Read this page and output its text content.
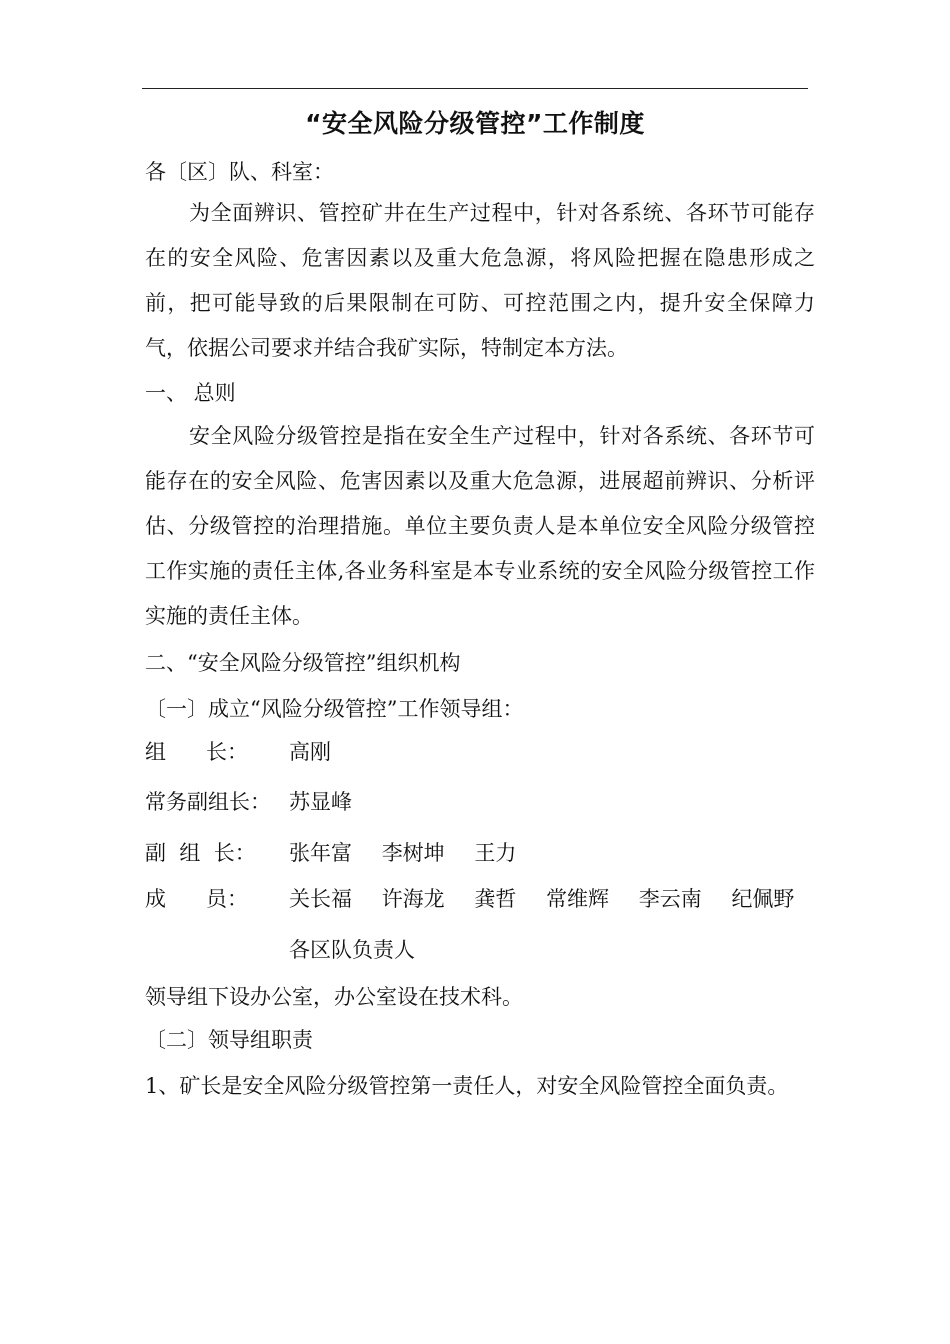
“安全风险分级管控”工作制度
各〔区〕队、科室：
为全面辨识、管控矿井在生产过程中，针对各系统、各环节可能存在的安全风险、危害因素以及重大危急源，将风险把握在隐患形成之前，把可能导致的后果限制在可防、可控范围之内，提升安全保障力气，依据公司要求并结合我矿实际，特制定本方法。
一、 总则
安全风险分级管控是指在安全生产过程中，针对各系统、各环节可能存在的安全风险、危害因素以及重大危急源，进展超前辨识、分析评估、分级管控的治理措施。单位主要负责人是本单位安全风险分级管控工作实施的责任主体,各业务科室是本专业系统的安全风险分级管控工作实施的责任主体。
二、“安全风险分级管控”组织机构
〔一〕成立“风险分级管控”工作领导组：
组      长： 高刚
常务副组长： 苏显峰
副  组  长： 张年富 李树坤 王力
成      员： 关长福 许海龙 龚哲 常维辉 李云南 纪佩野
各区队负责人
领导组下设办公室，办公室设在技术科。
〔二〕领导组职责
1、矿长是安全风险分级管控第一责任人，对安全风险管控全面负责。
